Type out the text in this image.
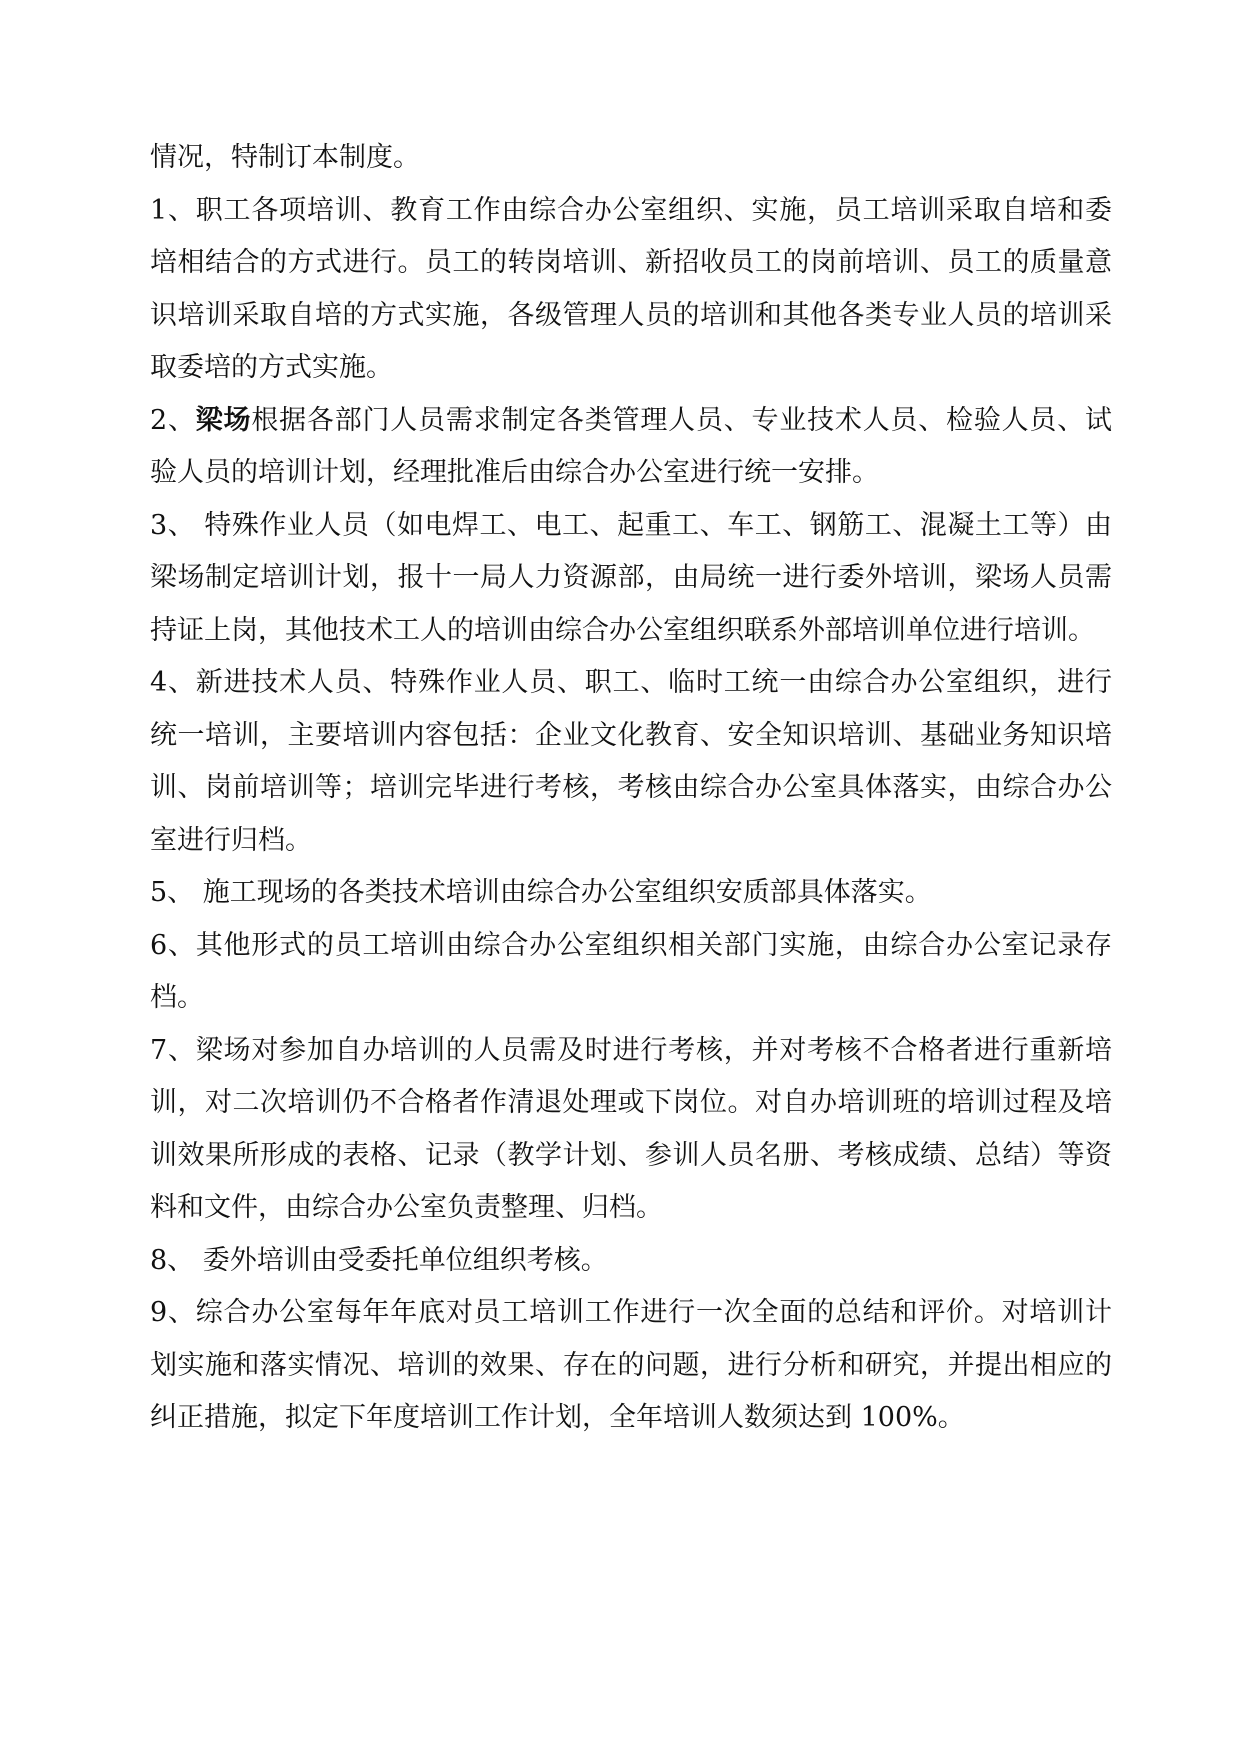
情况，特制订本制度。

1、职工各项培训、教育工作由综合办公室组织、实施，员工培训采取自培和委培相结合的方式进行。员工的转岗培训、新招收员工的岗前培训、员工的质量意识培训采取自培的方式实施，各级管理人员的培训和其他各类专业人员的培训采取委培的方式实施。

2、梁场根据各部门人员需求制定各类管理人员、专业技术人员、检验人员、试验人员的培训计划，经理批准后由综合办公室进行统一安排。

3、 特殊作业人员（如电焊工、电工、起重工、车工、钢筋工、混凝土工等）由梁场制定培训计划，报十一局人力资源部，由局统一进行委外培训，梁场人员需持证上岗，其他技术工人的培训由综合办公室组织联系外部培训单位进行培训。

4、新进技术人员、特殊作业人员、职工、临时工统一由综合办公室组织，进行统一培训，主要培训内容包括：企业文化教育、安全知识培训、基础业务知识培训、岗前培训等；培训完毕进行考核，考核由综合办公室具体落实，由综合办公室进行归档。

5、 施工现场的各类技术培训由综合办公室组织安质部具体落实。

6、其他形式的员工培训由综合办公室组织相关部门实施，由综合办公室记录存档。

7、梁场对参加自办培训的人员需及时进行考核，并对考核不合格者进行重新培训，对二次培训仍不合格者作清退处理或下岗位。对自办培训班的培训过程及培训效果所形成的表格、记录（教学计划、参训人员名册、考核成绩、总结）等资料和文件，由综合办公室负责整理、归档。

8、 委外培训由受委托单位组织考核。

9、综合办公室每年年底对员工培训工作进行一次全面的总结和评价。对培训计划实施和落实情况、培训的效果、存在的问题，进行分析和研究，并提出相应的纠正措施，拟定下年度培训工作计划，全年培训人数须达到 100%。
